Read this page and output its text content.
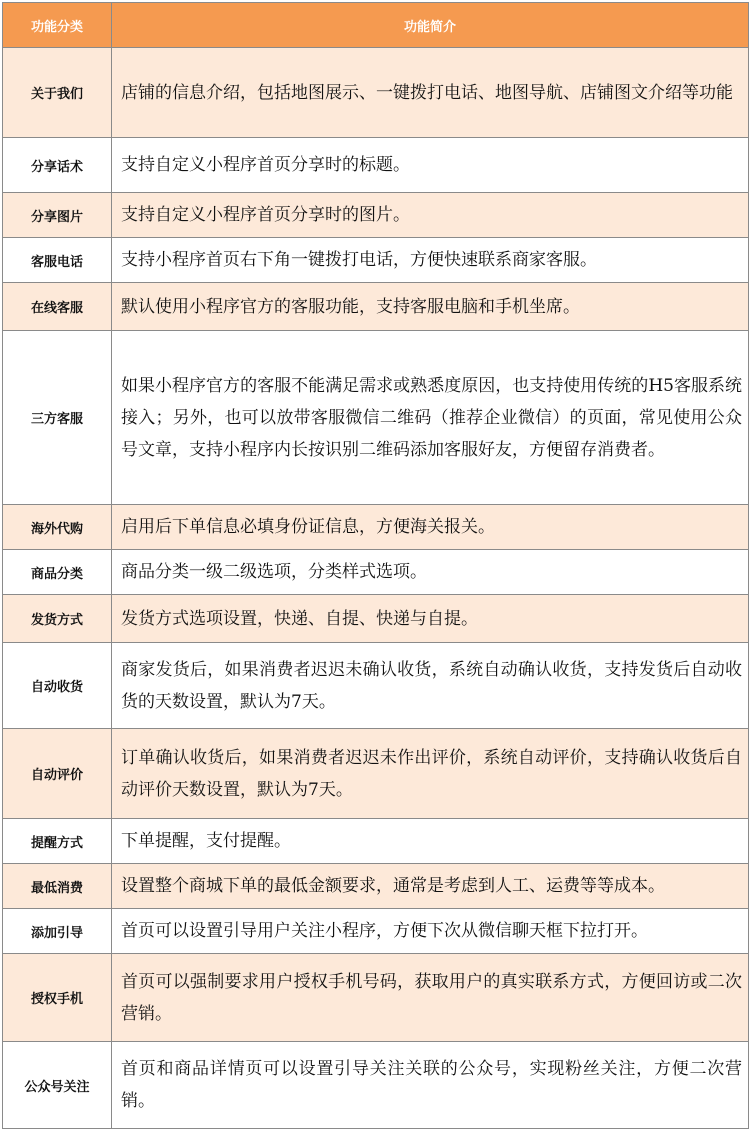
功能分类	功能简介
关于我们	店铺的信息介绍，包括地图展示、一键拨打电话、地图导航、店铺图文介绍等功能
分享话术	支持自定义小程序首页分享时的标题。
分享图片	支持自定义小程序首页分享时的图片。
客服电话	支持小程序首页右下角一键拨打电话，方便快速联系商家客服。
在线客服	默认使用小程序官方的客服功能，支持客服电脑和手机坐席。
三方客服	如果小程序官方的客服不能满足需求或熟悉度原因，也支持使用传统的H5客服系统接入；另外，也可以放带客服微信二维码（推荐企业微信）的页面，常见使用公众号文章，支持小程序内长按识别二维码添加客服好友，方便留存消费者。
海外代购	启用后下单信息必填身份证信息，方便海关报关。
商品分类	商品分类一级二级选项，分类样式选项。
发货方式	发货方式选项设置，快递、自提、快递与自提。
自动收货	商家发货后，如果消费者迟迟未确认收货，系统自动确认收货，支持发货后自动收货的天数设置，默认为7天。
自动评价	订单确认收货后，如果消费者迟迟未作出评价，系统自动评价，支持确认收货后自动评价天数设置，默认为7天。
提醒方式	下单提醒，支付提醒。
最低消费	设置整个商城下单的最低金额要求，通常是考虑到人工、运费等等成本。
添加引导	首页可以设置引导用户关注小程序，方便下次从微信聊天框下拉打开。
授权手机	首页可以强制要求用户授权手机号码，获取用户的真实联系方式，方便回访或二次营销。
公众号关注	首页和商品详情页可以设置引导关注关联的公众号，实现粉丝关注，方便二次营销。
